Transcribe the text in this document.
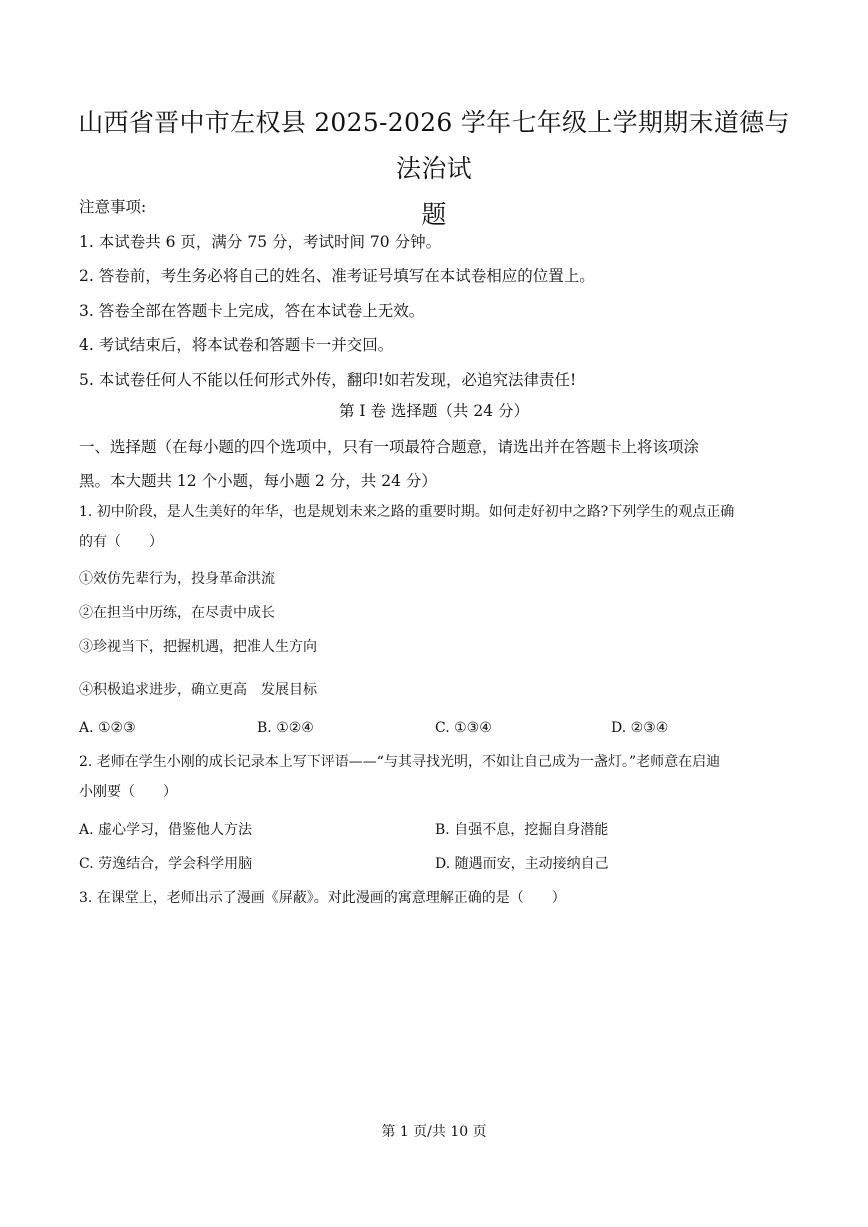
山西省晋中市左权县 2025-2026 学年七年级上学期期末道德与法治试
题
注意事项:
1. 本试卷共 6 页，满分 75 分，考试时间 70 分钟。
2. 答卷前，考生务必将自己的姓名、准考证号填写在本试卷相应的位置上。
3. 答卷全部在答题卡上完成，答在本试卷上无效。
4. 考试结束后，将本试卷和答题卡一并交回。
5. 本试卷任何人不能以任何形式外传，翻印!如若发现，必追究法律责任!
第 I 卷 选择题（共 24 分）
一、选择题（在每小题的四个选项中，只有一项最符合题意，请选出并在答题卡上将该项涂
黑。本大题共 12 个小题，每小题 2 分，共 24 分）
1. 初中阶段，是人生美好的年华，也是规划未来之路的重要时期。如何走好初中之路?下列学生的观点正确
的有（　　）
①效仿先辈行为，投身革命洪流
②在担当中历练，在尽责中成长
③珍视当下，把握机遇，把准人生方向
④积极追求进步，确立更高　发展目标
A. ①②③	B. ①②④	C. ①③④	D. ②③④
2. 老师在学生小刚的成长记录本上写下评语——“与其寻找光明，不如让自己成为一盏灯。”老师意在启迪
小刚要（　　）
A. 虚心学习，借鉴他人方法	B. 自强不息，挖掘自身潜能
C. 劳逸结合，学会科学用脑	D. 随遇而安，主动接纳自己
3. 在课堂上，老师出示了漫画《屏蔽》。对此漫画的寓意理解正确的是（　　）
第 1 页/共 10 页
